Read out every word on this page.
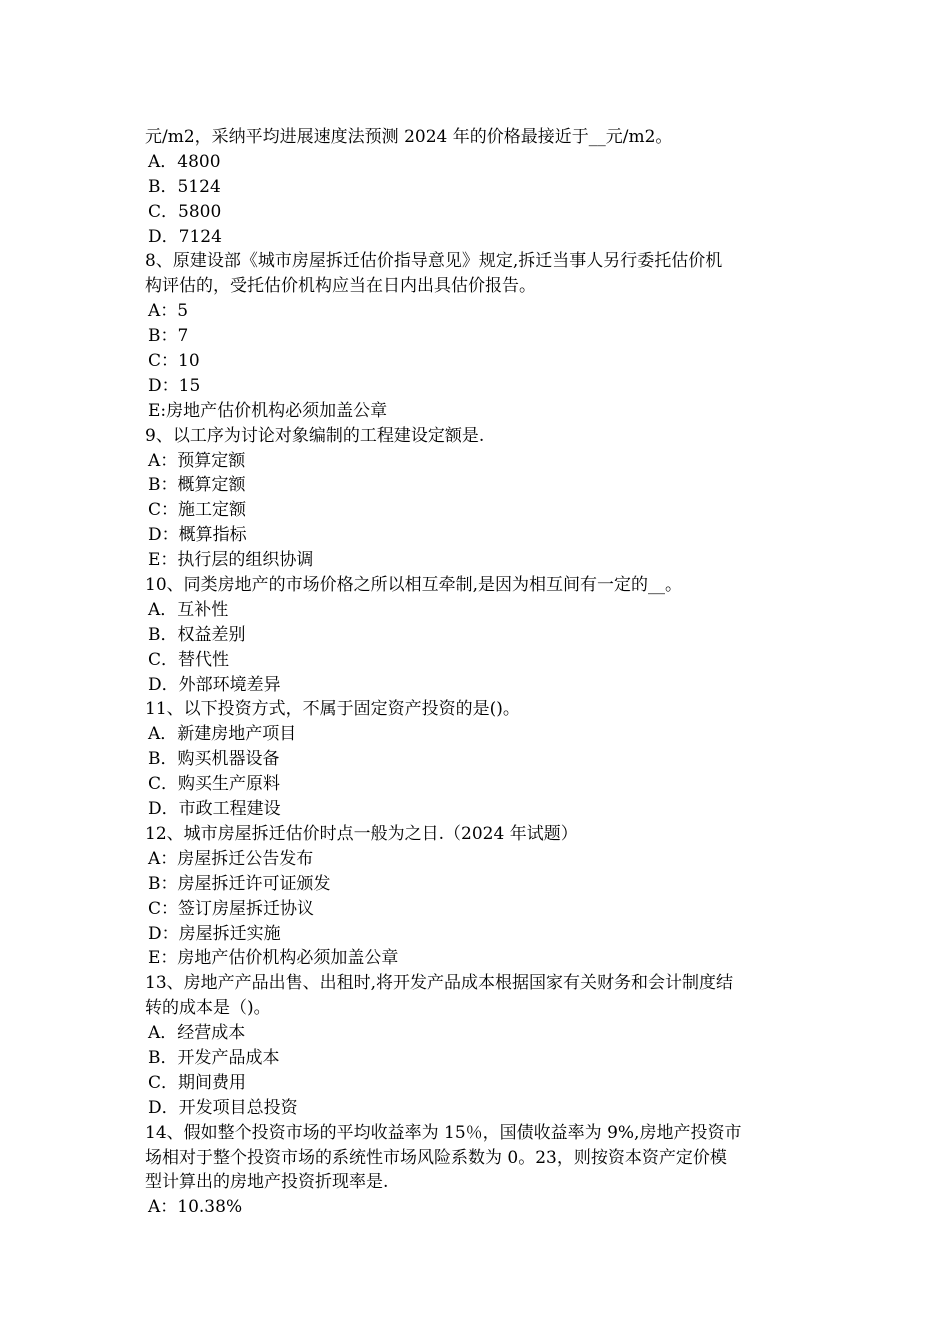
元/m2，采纳平均进展速度法预测 2024 年的价格最接近于__元/m2。
A．4800
B．5124
C．5800
D．7124
8、原建设部《城市房屋拆迁估价指导意见》规定,拆迁当事人另行委托估价机
构评估的，受托估价机构应当在日内出具估价报告。
A：5
B：7
C：10
D：15
E:房地产估价机构必须加盖公章
9、以工序为讨论对象编制的工程建设定额是.
A：预算定额
B：概算定额
C：施工定额
D：概算指标
E：执行层的组织协调
10、同类房地产的市场价格之所以相互牵制,是因为相互间有一定的__。
A．互补性
B．权益差别
C．替代性
D．外部环境差异
11、以下投资方式，不属于固定资产投资的是()。
A．新建房地产项目
B．购买机器设备
C．购买生产原料
D．市政工程建设
12、城市房屋拆迁估价时点一般为之日.（2024 年试题）
A：房屋拆迁公告发布
B：房屋拆迁许可证颁发
C：签订房屋拆迁协议
D：房屋拆迁实施
E：房地产估价机构必须加盖公章
13、房地产产品出售、出租时,将开发产品成本根据国家有关财务和会计制度结
转的成本是（)。
A．经营成本
B．开发产品成本
C．期间费用
D．开发项目总投资
14、假如整个投资市场的平均收益率为 15％，国债收益率为 9%,房地产投资市
场相对于整个投资市场的系统性市场风险系数为 0。23，则按资本资产定价模
型计算出的房地产投资折现率是.
A：10.38%
